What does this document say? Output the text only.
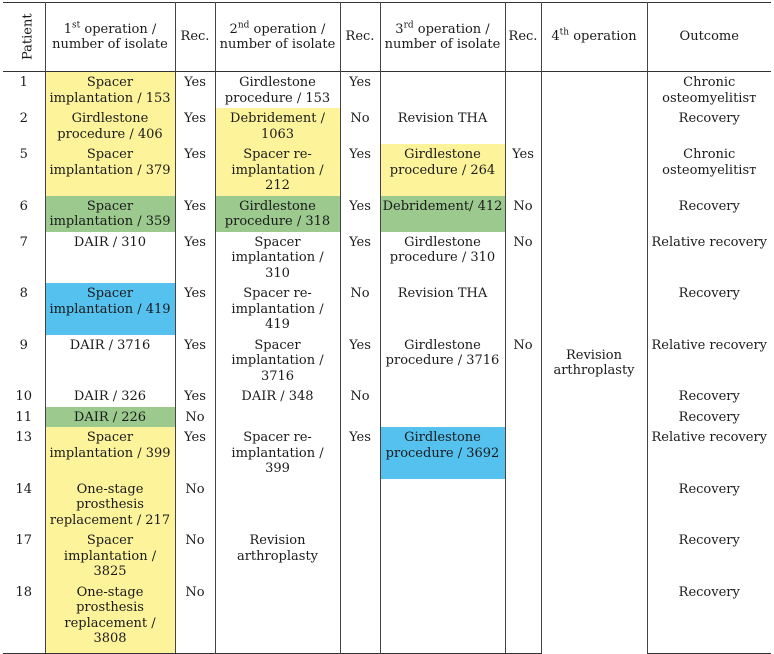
Patient	1st operation /
number of isolate	Rec.	2nd operation /
number of isolate	Rec.	3rd operation /
number of isolate	Rec.	4th operation	Outcome
1	Spacer implantation / 153	Yes	Girdlestone procedure / 153	Yes			Revision arthroplasty	Chronic osteomyelitisᴛ
2	Girdlestone procedure / 406	Yes	Debridement / 1063	No	Revision THA			Recovery
5	Spacer implantation / 379	Yes	Spacer re-implantation / 212	Yes	Girdlestone procedure / 264	Yes		Chronic osteomyelitisᴛ
6	Spacer implantation / 359	Yes	Girdlestone procedure / 318	Yes	Debridement/ 412	No		Recovery
7	DAIR / 310	Yes	Spacer implantation / 310	Yes	Girdlestone procedure / 310	No		Relative recovery
8	Spacer implantation / 419	Yes	Spacer re-implantation / 419	No	Revision THA			Recovery
9	DAIR / 3716	Yes	Spacer implantation / 3716	Yes	Girdlestone procedure / 3716	No		Relative recovery
10	DAIR / 326	Yes	DAIR / 348	No				Recovery
11	DAIR / 226	No						Recovery
13	Spacer implantation / 399	Yes	Spacer re-implantation / 399	Yes	Girdlestone procedure / 3692			Relative recovery
14	One-stage prosthesis replacement / 217	No						Recovery
17	Spacer implantation / 3825	No	Revision arthroplasty					Recovery
18	One-stage prosthesis replacement / 3808	No						Recovery
